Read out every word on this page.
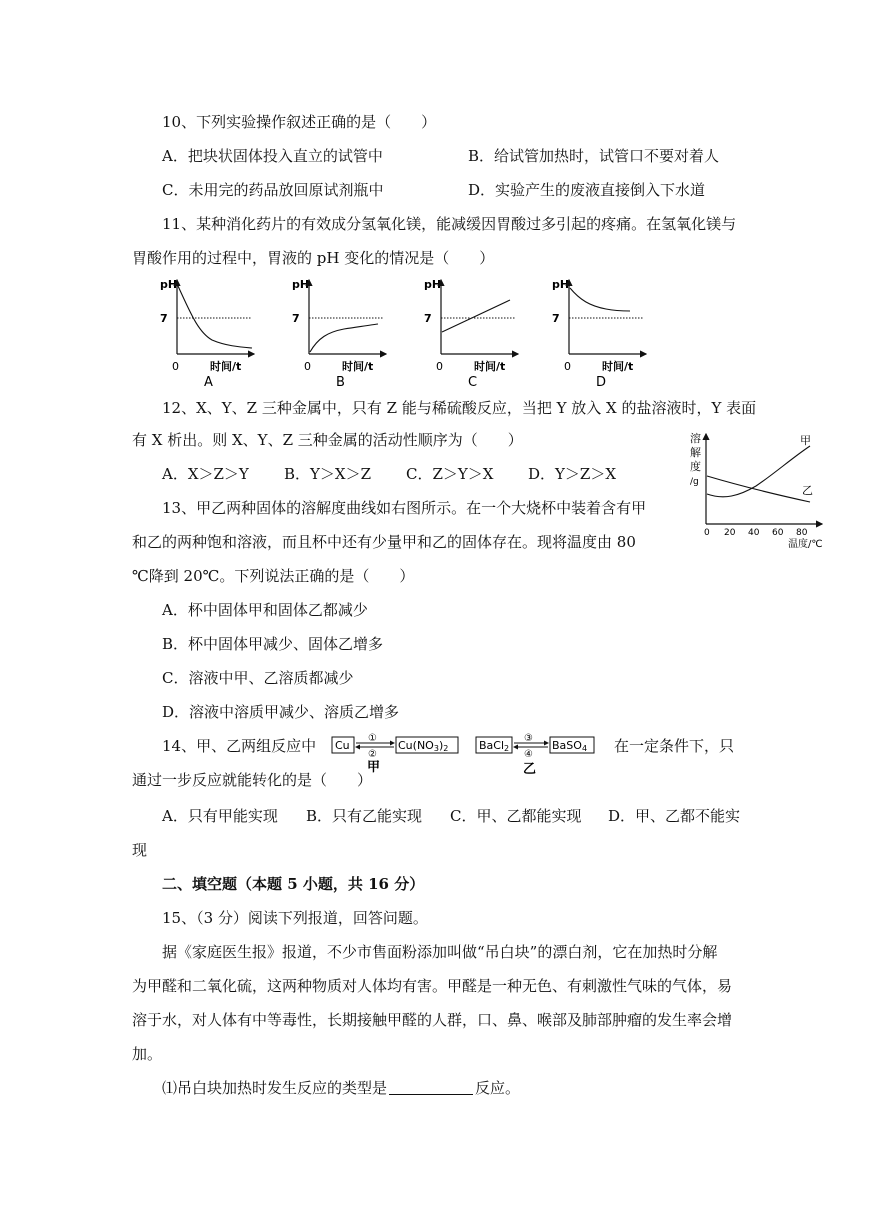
10、下列实验操作叙述正确的是（　　）
A．把块状固体投入直立的试管中	B．给试管加热时，试管口不要对着人
C．未用完的药品放回原试剂瓶中	D．实验产生的废液直接倒入下水道
11、某种消化药片的有效成分氢氧化镁，能减缓因胃酸过多引起的疼痛。在氢氧化镁与
胃酸作用的过程中，胃液的 pH 变化的情况是（　　）
pH
7
0	时间/t
A
pH
7
0	时间/t
B
pH
7
0	时间/t
C
pH
7
0	时间/t
D
12、X、Y、Z 三种金属中，只有 Z 能与稀硫酸反应，当把 Y 放入 X 的盐溶液时，Y 表面
有 X 析出。则 X、Y、Z 三种金属的活动性顺序为（　　）
A．X＞Z＞Y B．Y＞X＞Z C．Z＞Y＞X D．Y＞Z＞X
溶
解
度
/g
0 20 40 60 80
温度/℃
甲
乙
13、甲乙两种固体的溶解度曲线如右图所示。在一个大烧杯中装着含有甲
和乙的两种饱和溶液，而且杯中还有少量甲和乙的固体存在。现将温度由 80
℃降到 20℃。下列说法正确的是（　　）
A．杯中固体甲和固体乙都减少
B．杯中固体甲减少、固体乙增多
C．溶液中甲、乙溶质都减少
D．溶液中溶质甲减少、溶质乙增多
14、甲、乙两组反应中 Cu
①
②
甲
Cu(NO3)2	BaCl2
③
④
乙
BaSO4 在一定条件下，只
通过一步反应就能转化的是（　　）
A．只有甲能实现 B．只有乙能实现 C．甲、乙都能实现 D．甲、乙都不能实
现
二、填空题（本题 5 小题，共 16 分）
15、（3 分）阅读下列报道，回答问题。
据《家庭医生报》报道，不少市售面粉添加叫做“吊白块”的漂白剂，它在加热时分解
为甲醛和二氧化硫，这两种物质对人体均有害。甲醛是一种无色、有刺激性气味的气体，易
溶于水，对人体有中等毒性，长期接触甲醛的人群，口、鼻、喉部及肺部肿瘤的发生率会增
加。
⑴吊白块加热时发生反应的类型是	反应。
